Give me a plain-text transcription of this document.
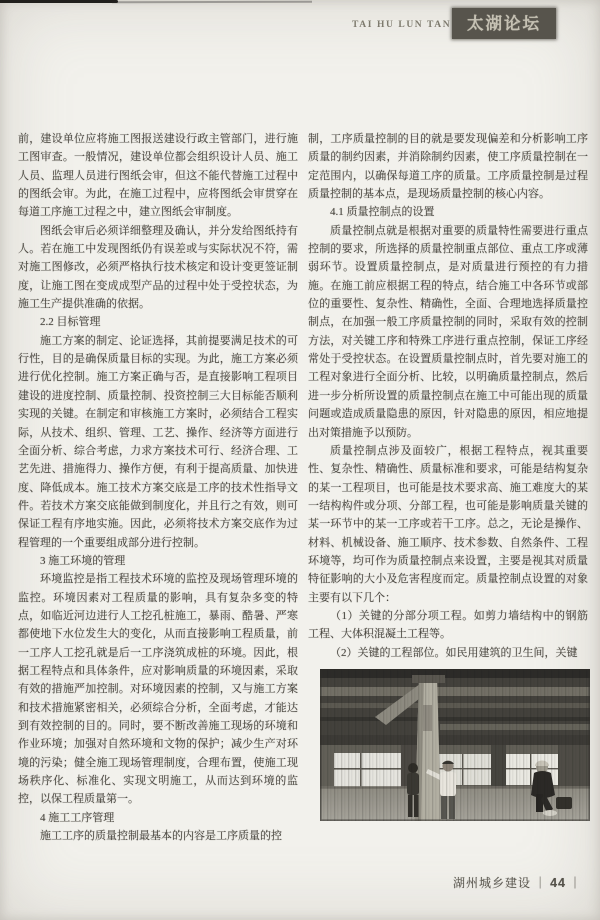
TAI HU LUN TAN 太湖论坛

前，建设单位应将施工图报送建设行政主管部门，进行施工图审查。一般情况，建设单位都会组织设计人员、施工人员、监理人员进行图纸会审，但这不能代替施工过程中的图纸会审。为此，在施工过程中，应将图纸会审贯穿在每道工序施工过程之中，建立图纸会审制度。

图纸会审后必须详细整理及确认，并分发给图纸持有人。若在施工中发现图纸仍有误差或与实际状况不符，需对施工图修改，必须严格执行技术核定和设计变更签证制度，让施工图在变成成型产品的过程中处于受控状态，为施工生产提供准确的依据。

2.2 目标管理

施工方案的制定、论证选择，其前提要满足技术的可行性，目的是确保质量目标的实现。为此，施工方案必须进行优化控制。施工方案正确与否，是直接影响工程项目建设的进度控制、质量控制、投资控制三大目标能否顺利实现的关键。在制定和审核施工方案时，必须结合工程实际，从技术、组织、管理、工艺、操作、经济等方面进行全面分析、综合考虑，力求方案技术可行、经济合理、工艺先进、措施得力、操作方便，有利于提高质量、加快进度、降低成本。施工技术方案交底是工序的技术性指导文件。若技术方案交底能做到制度化，并且行之有效，则可保证工程有序地实施。因此，必须将技术方案交底作为过程管理的一个重要组成部分进行控制。

3 施工环境的管理

环境监控是指工程技术环境的监控及现场管理环境的监控。环境因素对工程质量的影响，具有复杂多变的特点，如临近河边进行人工挖孔桩施工，暴雨、酷暑、严寒都使地下水位发生大的变化，从而直接影响工程质量，前一工序人工挖孔就是后一工序浇筑成桩的环境。因此，根据工程特点和具体条件，应对影响质量的环境因素，采取有效的措施严加控制。对环境因素的控制，又与施工方案和技术措施紧密相关，必须综合分析，全面考虑，才能达到有效控制的目的。同时，要不断改善施工现场的环境和作业环境；加强对自然环境和文物的保护；减少生产对环境的污染；健全施工现场管理制度，合理布置，使施工现场秩序化、标准化、实现文明施工，从而达到环境的监控，以保工程质量第一。

4 施工工序管理

施工工序的质量控制最基本的内容是工序质量的控

制，工序质量控制的目的就是要发现偏差和分析影响工序质量的制约因素，并消除制约因素，使工序质量控制在一定范围内，以确保每道工序的质量。工序质量控制是过程质量控制的基本点，是现场质量控制的核心内容。

4.1 质量控制点的设置

质量控制点就是根据对重要的质量特性需要进行重点控制的要求，所选择的质量控制重点部位、重点工序或薄弱环节。设置质量控制点，是对质量进行预控的有力措施。在施工前应根据工程的特点，结合施工中各环节或部位的重要性、复杂性、精确性，全面、合理地选择质量控制点，在加强一般工序质量控制的同时，采取有效的控制方法，对关键工序和特殊工序进行重点控制，保证工序经常处于受控状态。在设置质量控制点时，首先要对施工的工程对象进行全面分析、比较，以明确质量控制点，然后进一步分析所设置的质量控制点在施工中可能出现的质量问题或造成质量隐患的原因，针对隐患的原因，相应地提出对策措施予以预防。

质量控制点涉及面较广，根据工程特点，视其重要性、复杂性、精确性、质量标准和要求，可能是结构复杂的某一工程项目，也可能是技术要求高、施工难度大的某一结构构件或分项、分部工程，也可能是影响质量关键的某一环节中的某一工序或若干工序。总之，无论是操作、材料、机械设备、施工顺序、技术参数、自然条件、工程环境等，均可作为质量控制点来设置，主要是视其对质量特征影响的大小及危害程度而定。质量控制点设置的对象主要有以下几个：

（1）关键的分部分项工程。如剪力墙结构中的钢筋工程、大体积混凝土工程等。

（2）关键的工程部位。如民用建筑的卫生间，关键

湖州城乡建设 ｜ 44 ｜
